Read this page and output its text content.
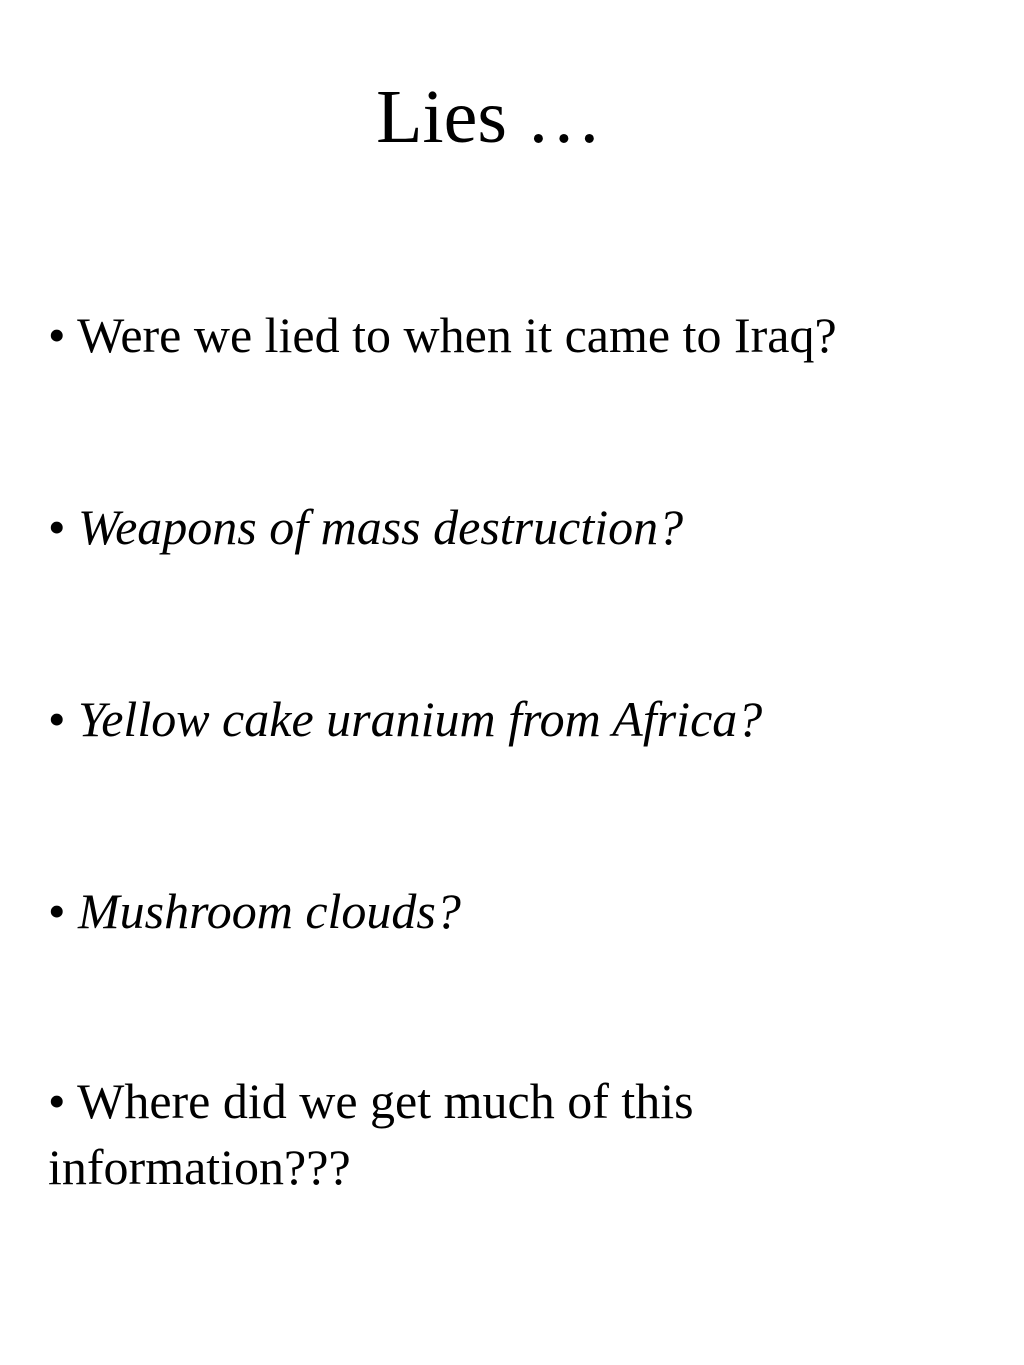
Lies …

• Were we lied to when it came to Iraq?

• Weapons of mass destruction?

• Yellow cake uranium from Africa?

• Mushroom clouds?

• Where did we get much of this information???
